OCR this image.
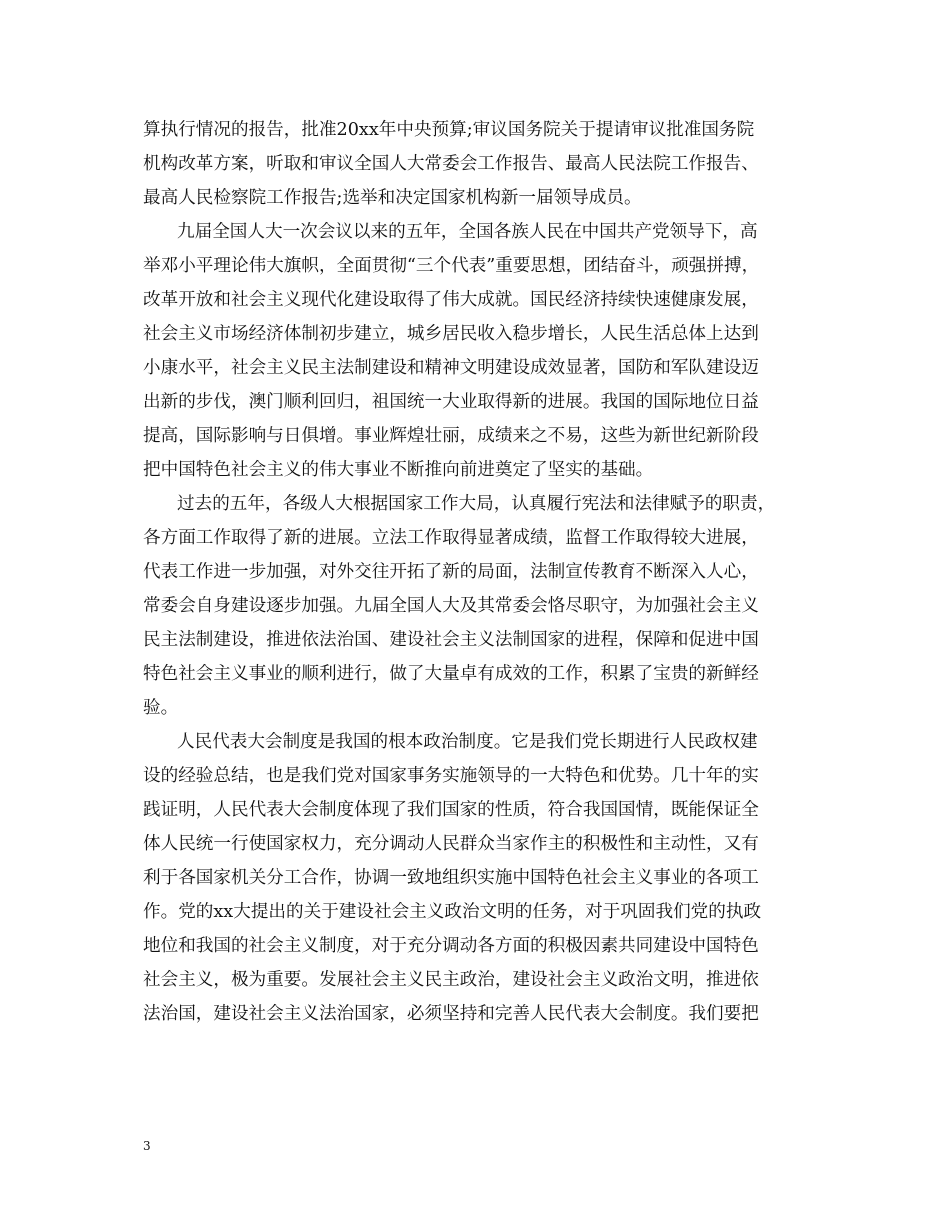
算执行情况的报告，批准20xx年中央预算;审议国务院关于提请审议批准国务院
机构改革方案，听取和审议全国人大常委会工作报告、最高人民法院工作报告、
最高人民检察院工作报告;选举和决定国家机构新一届领导成员。
九届全国人大一次会议以来的五年，全国各族人民在中国共产党领导下，高
举邓小平理论伟大旗帜，全面贯彻“三个代表”重要思想，团结奋斗，顽强拼搏，
改革开放和社会主义现代化建设取得了伟大成就。国民经济持续快速健康发展，
社会主义市场经济体制初步建立，城乡居民收入稳步增长，人民生活总体上达到
小康水平，社会主义民主法制建设和精神文明建设成效显著，国防和军队建设迈
出新的步伐，澳门顺利回归，祖国统一大业取得新的进展。我国的国际地位日益
提高，国际影响与日俱增。事业辉煌壮丽，成绩来之不易，这些为新世纪新阶段
把中国特色社会主义的伟大事业不断推向前进奠定了坚实的基础。
过去的五年，各级人大根据国家工作大局，认真履行宪法和法律赋予的职责，
各方面工作取得了新的进展。立法工作取得显著成绩，监督工作取得较大进展，
代表工作进一步加强，对外交往开拓了新的局面，法制宣传教育不断深入人心，
常委会自身建设逐步加强。九届全国人大及其常委会恪尽职守，为加强社会主义
民主法制建设，推进依法治国、建设社会主义法制国家的进程，保障和促进中国
特色社会主义事业的顺利进行，做了大量卓有成效的工作，积累了宝贵的新鲜经
验。
人民代表大会制度是我国的根本政治制度。它是我们党长期进行人民政权建
设的经验总结，也是我们党对国家事务实施领导的一大特色和优势。几十年的实
践证明，人民代表大会制度体现了我们国家的性质，符合我国国情，既能保证全
体人民统一行使国家权力，充分调动人民群众当家作主的积极性和主动性，又有
利于各国家机关分工合作，协调一致地组织实施中国特色社会主义事业的各项工
作。党的xx大提出的关于建设社会主义政治文明的任务，对于巩固我们党的执政
地位和我国的社会主义制度，对于充分调动各方面的积极因素共同建设中国特色
社会主义，极为重要。发展社会主义民主政治，建设社会主义政治文明，推进依
法治国，建设社会主义法治国家，必须坚持和完善人民代表大会制度。我们要把
3
